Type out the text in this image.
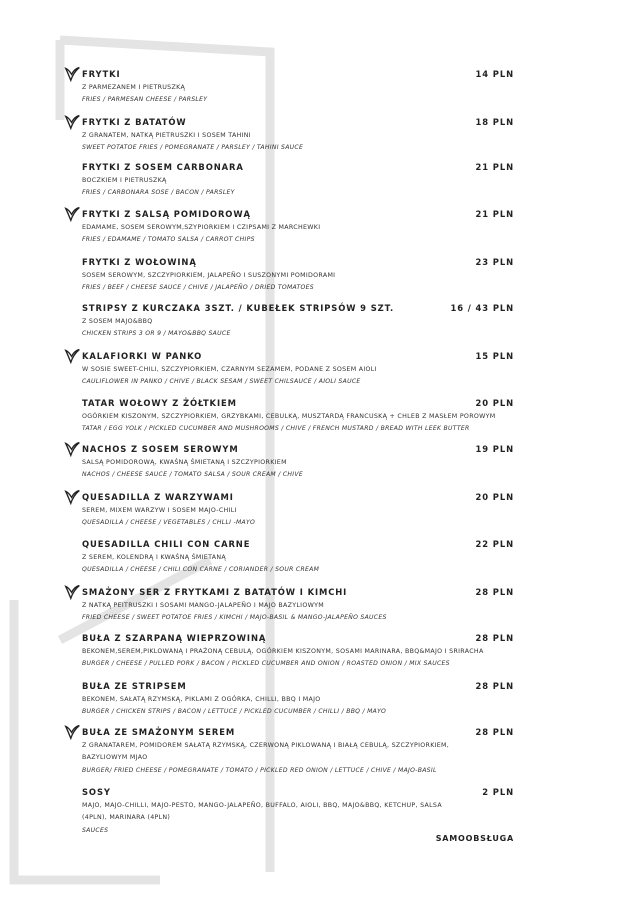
FRYTKI	14 PLN
Z PARMEZANEM I PIETRUSZKĄ
FRIES / PARMESAN CHEESE / PARSLEY
FRYTKI Z BATATÓW	18 PLN
Z GRANATEM, NATKĄ PIETRUSZKI I SOSEM TAHINI
SWEET POTATOE FRIES / POMEGRANATE / PARSLEY / TAHINI SAUCE
FRYTKI Z SOSEM CARBONARA	21 PLN
BOCZKIEM I PIETRUSZKĄ
FRIES / CARBONARA SOSE / BACON / PARSLEY
FRYTKI Z SALSĄ POMIDOROWĄ	21 PLN
EDAMAME, SOSEM SEROWYM,SZYPIORKIEM I CZIPSAMI Z MARCHEWKI
FRIES / EDAMAME / TOMATO SALSA / CARROT CHIPS
FRYTKI Z WOŁOWINĄ	23 PLN
SOSEM SEROWYM, SZCZYPIORKIEM, JALAPEÑO I SUSZONYMI POMIDORAMI
FRIES / BEEF / CHEESE SAUCE / CHIVE / JALAPEÑO / DRIED TOMATOES
STRIPSY Z KURCZAKA 3SZT. / KUBEŁEK STRIPSÓW 9 SZT.	16 / 43 PLN
Z SOSEM MAJO&BBQ
CHICKEN STRIPS 3 OR 9 / MAYO&BBQ SAUCE
KALAFIORKI W PANKO	15 PLN
W SOSIE SWEET-CHILI, SZCZYPIORKIEM, CZARNYM SEZAMEM, PODANE Z SOSEM AIOLI
CAULIFLOWER IN PANKO / CHIVE / BLACK SESAM / SWEET CHILSAUCE / AIOLI SAUCE
TATAR WOŁOWY Z ŻÓŁTKIEM	20 PLN
OGÓRKIEM KISZONYM, SZCZYPIORKIEM, GRZYBKAMI, CEBULKĄ, MUSZTARDĄ FRANCUSKĄ + CHLEB Z MASŁEM POROWYM
TATAR / EGG YOLK / PICKLED CUCUMBER AND MUSHROOMS / CHIVE / FRENCH MUSTARD / BREAD WITH LEEK BUTTER
NACHOS Z SOSEM SEROWYM	19 PLN
SALSĄ POMIDOROWĄ, KWAŚNĄ ŚMIETANĄ I SZCZYPIORKIEM
NACHOS / CHEESE SAUCE / TOMATO SALSA / SOUR CREAM / CHIVE
QUESADILLA Z WARZYWAMI	20 PLN
SEREM, MIXEM WARZYW I SOSEM MAJO-CHILI
QUESADILLA / CHEESE / VEGETABLES / CHLLI -MAYO
QUESADILLA CHILI CON CARNE	22 PLN
Z SEREM, KOLENDRĄ I KWAŚNĄ ŚMIETANĄ
QUESADILLA / CHEESE / CHILI CON CARNE / CORIANDER / SOUR CREAM
SMAŻONY SER Z FRYTKAMI Z BATATÓW I KIMCHI	28 PLN
Z NATKĄ PEITRUSZKI I SOSAMI MANGO-JALAPEÑO I MAJO BAZYLIOWYM
FRIED CHEESE / SWEET POTATOE FRIES / KIMCHI / MAJO-BASIL & MANGO-JALAPEÑO SAUCES
BUŁA Z SZARPANĄ WIEPRZOWINĄ	28 PLN
BEKONEM,SEREM,PIKLOWANĄ I PRAŻONĄ CEBULĄ, OGÓRKIEM KISZONYM, SOSAMI MARINARA, BBQ&MAJO I SRIRACHA
BURGER / CHEESE / PULLED PORK / BACON / PICKLED CUCUMBER AND ONION / ROASTED ONION / MIX SAUCES
BUŁA ZE STRIPSEM	28 PLN
BEKONEM, SAŁATĄ RZYMSKĄ, PIKLAMI Z OGÓRKA, CHILLI, BBQ I MAJO
BURGER / CHICKEN STRIPS / BACON / LETTUCE / PICKLED CUCUMBER / CHILLI / BBQ / MAYO
BUŁA ZE SMAŻONYM SEREM	28 PLN
Z GRANATAREM, POMIDOREM SAŁATĄ RZYMSKĄ, CZERWONĄ PIKLOWANĄ I BIAŁĄ CEBULĄ, SZCZYPIORKIEM, BAZYLIOWYM MJAO
BURGER/ FRIED CHEESE / POMEGRANATE / TOMATO / PICKLED RED ONION / LETTUCE / CHIVE / MAJO-BASIL
SOSY	2 PLN
MAJO, MAJO-CHILLI, MAJO-PESTO, MANGO-JALAPEÑO, BUFFALO, AIOLI, BBQ, MAJO&BBQ, KETCHUP, SALSA (4PLN), MARINARA (4PLN)
SAUCES
SAMOOBSŁUGA
